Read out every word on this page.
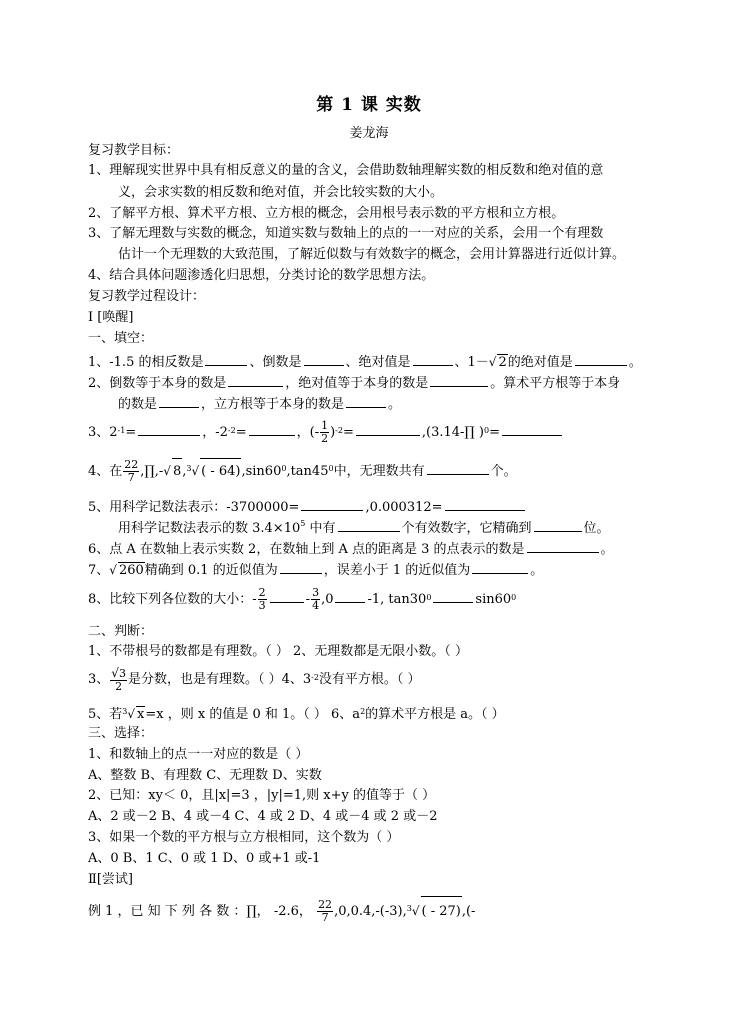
第 1 课 实数
姜龙海
复习教学目标：
1、理解现实世界中具有相反意义的量的含义，会借助数轴理解实数的相反数和绝对值的意
义，会求实数的相反数和绝对值，并会比较实数的大小。
2、了解平方根、算术平方根、立方根的概念，会用根号表示数的平方根和立方根。
3、了解无理数与实数的概念，知道实数与数轴上的点的一一对应的关系，会用一个有理数
估计一个无理数的大致范围，了解近似数与有效数字的概念，会用计算器进行近似计算。
4、结合具体问题渗透化归思想，分类讨论的数学思想方法。
复习教学过程设计：
Ⅰ [唤醒]
一、填空：
1、-1.5 的相反数是	、倒数是	、绝对值是	、1－√ 2的绝对值是	。
2、倒数等于本身的数是	，绝对值等于本身的数是	。算术平方根等于本身
的数是	，立方根等于本身的数是	。
3、$2^{-1}=$	，$-2^{-2}=$	，(- $\frac{1}{2} )^{-2}=$	,(3.14-∏ )$^0$=
4、在 $\frac{22}{7}$ ,∏,-√ 8,$^3$√ ( - $64),\sin 60^0,\tan 45^0$中，无理数共有	个。
5、用科学记数法表示：-3700000=	,0.000312=
用科学记数法表示的数 $3.4\times 10^5$ 中有	个有效数字，它精确到	位。
6、点 A 在数轴上表示实数 2，在数轴上到 A 点的距离是 3 的点表示的数是	。
7、√ 260精确到 0.1 的近似值为	，误差小于 1 的近似值为	。
8、比较下列各位数的大小：- $\frac{2}{3}$	- $\frac{3}{4} ,0$	-1, $\tan 30^0$	$\sin 60^0$
二、判断：
1、不带根号的数都是有理数。（ ） 2、无理数都是无限小数。（ ）
3、 $\frac{√3}{2}$ 是分数，也是有理数。（ ）4、$3^{-2}$没有平方根。（ ）
5、若$^3$√ x=x ，则 x 的值是 0 和 1。（ ） 6、$a^2$的算术平方根是 a。（ ）
三、选择：
1、和数轴上的点一一对应的数是（ ）
A、整数 B、有理数 C、无理数 D、实数
2、已知：xy＜ 0，且|x|=3 ，|y|=1,则 x+y 的值等于（ ）
A、2 或－2 B、4 或－4 C、4 或 2 D、4 或－4 或 2 或－2
3、如果一个数的平方根与立方根相同，这个数为（ ）
A、0 B、1 C、0 或 1 D、0 或+1 或-1
Ⅱ[尝试]
例 1 ，已 知 下 列 各 数 ：∏， -2.6， $\frac{22}{7} ,0,0.4,-(-3),^3√$ ( - 27),(-
